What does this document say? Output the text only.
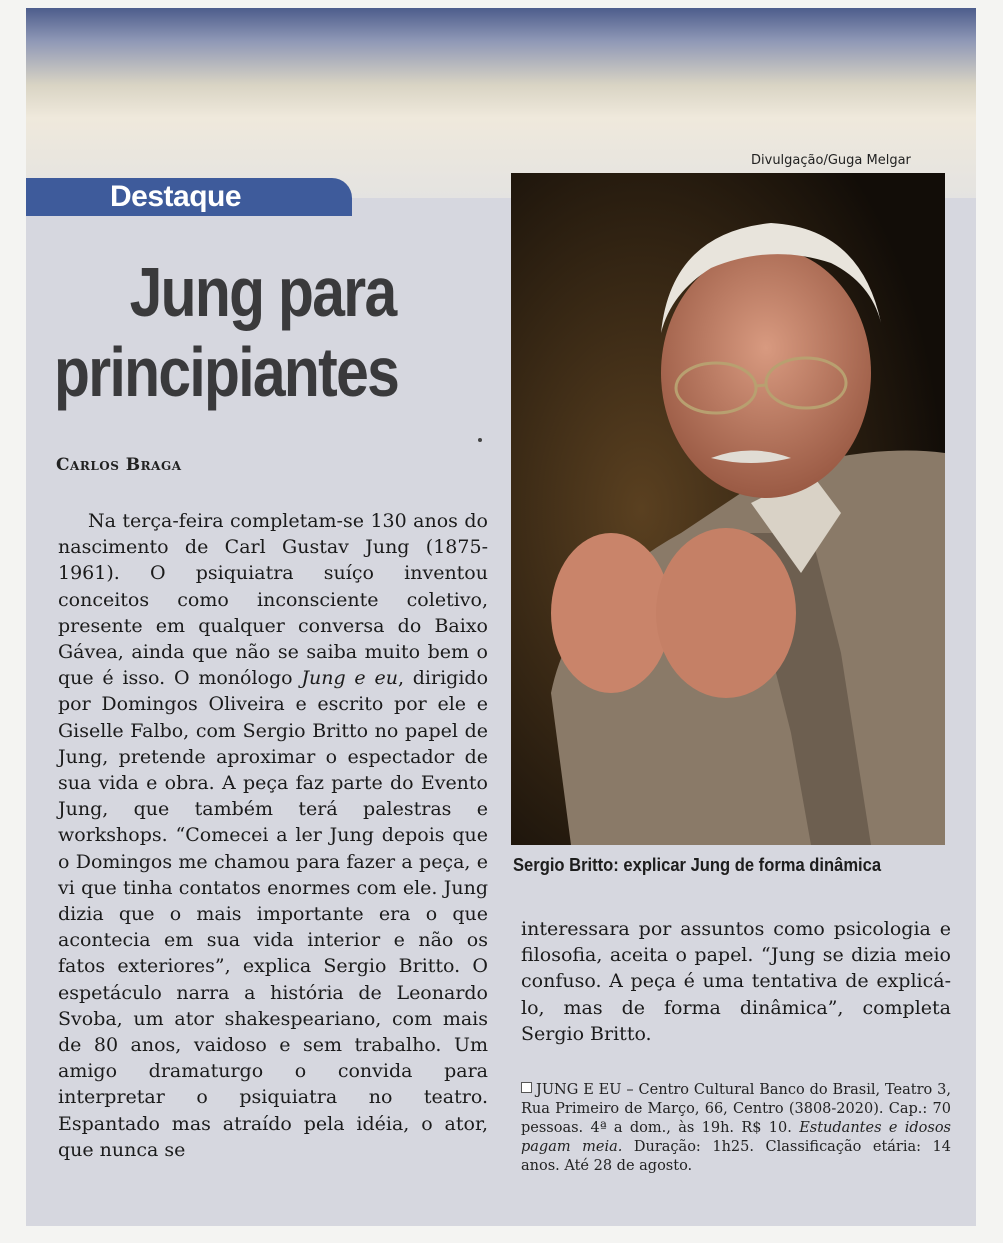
Destaque
Divulgação/Guga Melgar
Jung para
principiantes
Carlos Braga
Sergio Britto: explicar Jung de forma dinâmica

Na terça-feira completam-se 130 anos do nascimento de Carl Gustav Jung (1875-1961). O psiquiatra suíço inventou conceitos como inconsciente coletivo, presente em qualquer conversa do Baixo Gávea, ainda que não se saiba muito bem o que é isso. O monólogo Jung e eu, dirigido por Domingos Oliveira e escrito por ele e Giselle Falbo, com Sergio Britto no papel de Jung, pretende aproximar o espectador de sua vida e obra. A peça faz parte do Evento Jung, que também terá palestras e workshops. “Comecei a ler Jung depois que o Domingos me chamou para fazer a peça, e vi que tinha contatos enormes com ele. Jung dizia que o mais importante era o que acontecia em sua vida interior e não os fatos exteriores”, explica Sergio Britto. O espetáculo narra a história de Leonardo Svoba, um ator shakespeariano, com mais de 80 anos, vaidoso e sem trabalho. Um amigo dramaturgo o convida para interpretar o psiquiatra no teatro. Espantado mas atraído pela idéia, o ator, que nunca se

interessara por assuntos como psicologia e filosofia, aceita o papel. “Jung se dizia meio confuso. A peça é uma tentativa de explicá-lo, mas de forma dinâmica”, completa Sergio Britto.

JUNG E EU – Centro Cultural Banco do Brasil, Teatro 3, Rua Primeiro de Março, 66, Centro (3808-2020). Cap.: 70 pessoas. 4ª a dom., às 19h. R$ 10. Estudantes e idosos pagam meia. Duração: 1h25. Classificação etária: 14 anos. Até 28 de agosto.
